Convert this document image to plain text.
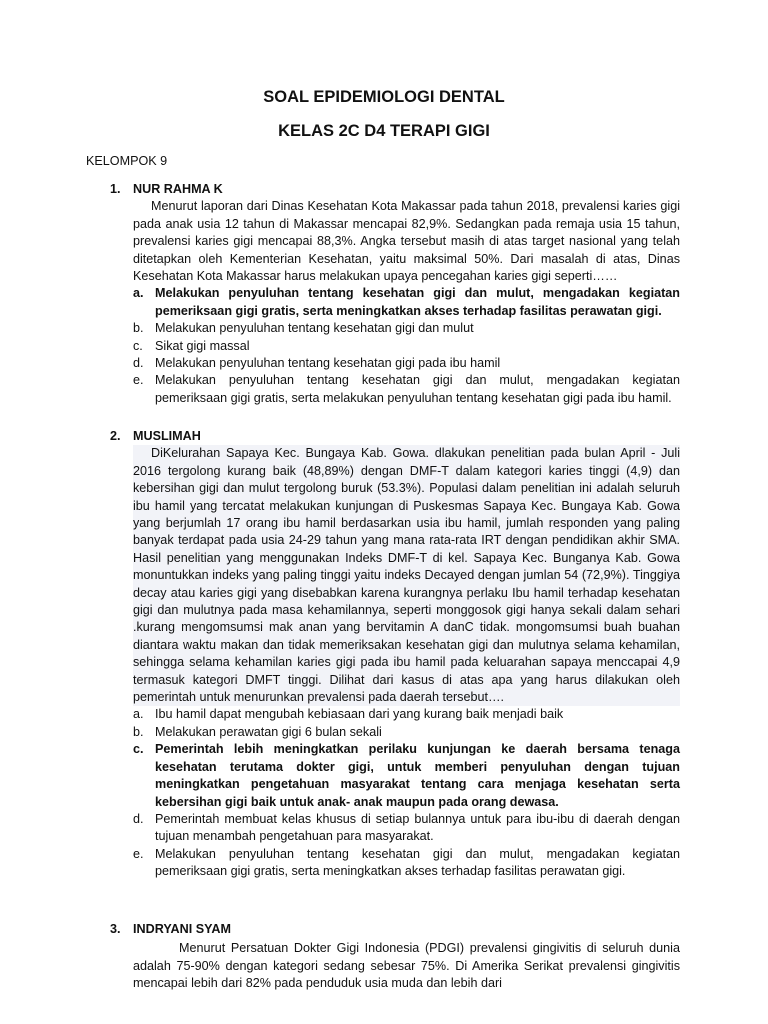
SOAL EPIDEMIOLOGI DENTAL
KELAS 2C D4 TERAPI GIGI
KELOMPOK 9
1. NUR RAHMA K
Menurut laporan dari Dinas Kesehatan Kota Makassar pada tahun 2018, prevalensi karies gigi pada anak usia 12 tahun di Makassar mencapai 82,9%. Sedangkan pada remaja usia 15 tahun, prevalensi karies gigi mencapai 88,3%. Angka tersebut masih di atas target nasional yang telah ditetapkan oleh Kementerian Kesehatan, yaitu maksimal 50%. Dari masalah di atas, Dinas Kesehatan Kota Makassar harus melakukan upaya pencegahan karies gigi seperti……
a. Melakukan penyuluhan tentang kesehatan gigi dan mulut, mengadakan kegiatan pemeriksaan gigi gratis, serta meningkatkan akses terhadap fasilitas perawatan gigi.
b. Melakukan penyuluhan tentang kesehatan gigi dan mulut
c. Sikat gigi massal
d. Melakukan penyuluhan tentang kesehatan gigi pada ibu hamil
e. Melakukan penyuluhan tentang kesehatan gigi dan mulut, mengadakan kegiatan pemeriksaan gigi gratis, serta melakukan penyuluhan tentang kesehatan gigi pada ibu hamil.
2. MUSLIMAH
DiKelurahan Sapaya Kec. Bungaya Kab. Gowa. dlakukan penelitian pada bulan April - Juli 2016 tergolong kurang baik (48,89%) dengan DMF-T dalam kategori karies tinggi (4,9) dan kebersihan gigi dan mulut tergolong buruk (53.3%). Populasi dalam penelitian ini adalah seluruh ibu hamil yang tercatat melakukan kunjungan di Puskesmas Sapaya Kec. Bungaya Kab. Gowa yang berjumlah 17 orang ibu hamil berdasarkan usia ibu hamil, jumlah responden yang paling banyak terdapat pada usia 24-29 tahun yang mana rata-rata IRT dengan pendidikan akhir SMA. Hasil penelitian yang menggunakan Indeks DMF-T di kel. Sapaya Kec. Bunganya Kab. Gowa monuntukkan indeks yang paling tinggi yaitu indeks Decayed dengan jumlan 54 (72,9%). Tinggiya decay atau karies gigi yang disebabkan karena kurangnya perlaku Ibu hamil terhadap kesehatan gigi dan mulutnya pada masa kehamilannya, seperti monggosok gigi hanya sekali dalam sehari .kurang mengomsumsi mak anan yang bervitamin A danC tidak. mongomsumsi buah buahan diantara waktu makan dan tidak memeriksakan kesehatan gigi dan mulutnya selama kehamilan, sehingga selama kehamilan karies gigi pada ibu hamil pada keluarahan sapaya menccapai 4,9 termasuk kategori DMFT tinggi. Dilihat dari kasus di atas apa yang harus dilakukan oleh pemerintah untuk menurunkan prevalensi pada daerah tersebut….
a. Ibu hamil dapat mengubah kebiasaan dari yang kurang baik menjadi baik
b. Melakukan perawatan gigi 6 bulan sekali
c. Pemerintah lebih meningkatkan perilaku kunjungan ke daerah bersama tenaga kesehatan terutama dokter gigi, untuk memberi penyuluhan dengan tujuan meningkatkan pengetahuan masyarakat tentang cara menjaga kesehatan serta kebersihan gigi baik untuk anak- anak maupun pada orang dewasa.
d. Pemerintah membuat kelas khusus di setiap bulannya untuk para ibu-ibu di daerah dengan tujuan menambah pengetahuan para masyarakat.
e. Melakukan penyuluhan tentang kesehatan gigi dan mulut, mengadakan kegiatan pemeriksaan gigi gratis, serta meningkatkan akses terhadap fasilitas perawatan gigi.
3. INDRYANI SYAM
Menurut Persatuan Dokter Gigi Indonesia (PDGI) prevalensi gingivitis di seluruh dunia adalah 75-90% dengan kategori sedang sebesar 75%. Di Amerika Serikat prevalensi gingivitis mencapai lebih dari 82% pada penduduk usia muda dan lebih dari
